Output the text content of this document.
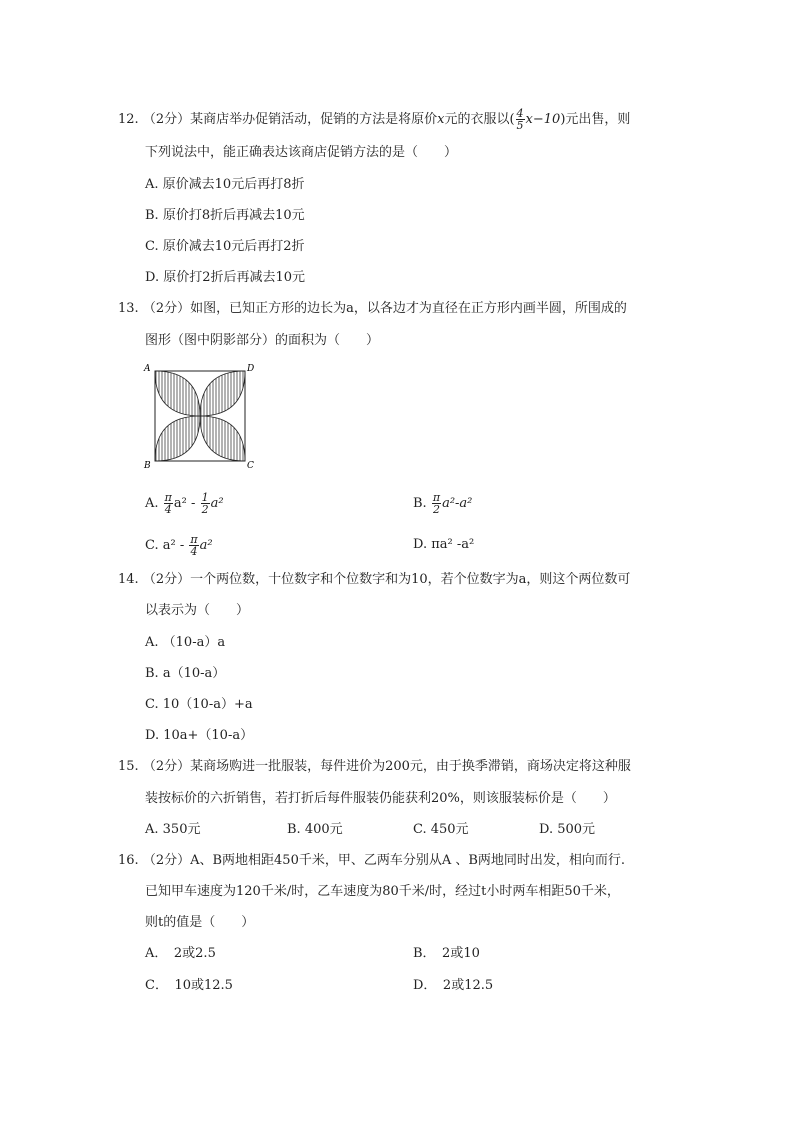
12. （2分）某商店举办促销活动，促销的方法是将原价x元的衣服以( $\frac{4}{5} x-10$)元出售，则
下列说法中，能正确表达该商店促销方法的是（　　）
A. 原价减去10元后再打8折
B. 原价打8折后再减去10元
C. 原价减去10元后再打2折
D. 原价打2折后再减去10元
13. （2分）如图，已知正方形的边长为a，以各边才为直径在正方形内画半圆，所围成的
图形（图中阴影部分）的面积为（　　）
A	D
B	C
A. $\frac{\pi}{4} a^2 - \frac{1}{2} a^2$	B. $\frac{\pi}{2} a^2-a^2$
C. $a^2 - \frac{\pi}{4} a^2$	D. πa² -a²
14. （2分）一个两位数，十位数字和个位数字和为10，若个位数字为a，则这个两位数可
以表示为（　　）
A. （10-a）a
B. a（10-a）
C. 10（10-a）+a
D. 10a+（10-a）
15. （2分）某商场购进一批服装，每件进价为200元，由于换季滞销，商场决定将这种服
装按标价的六折销售，若打折后每件服装仍能获利20%，则该服装标价是（　　）
A. 350元	B. 400元	C. 450元	D. 500元
16. （2分）A、B两地相距450千米，甲、乙两车分别从A 、B两地同时出发，相向而行.
已知甲车速度为120千米/时，乙车速度为80千米/时，经过t小时两车相距50千米，
则t的值是（　　）
A．　2或2.5	B．　2或10
C．　10或12.5	D．　2或12.5
